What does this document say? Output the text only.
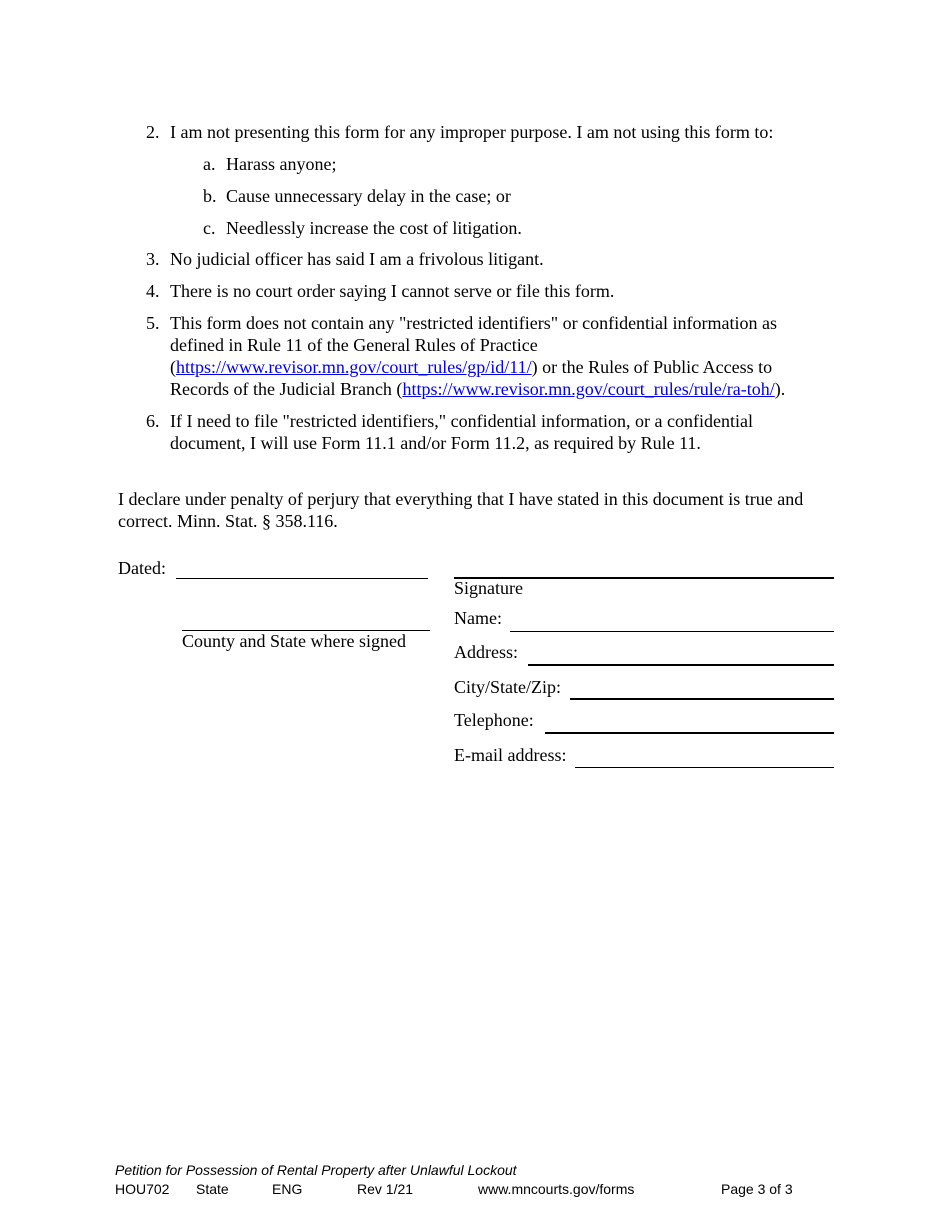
2. I am not presenting this form for any improper purpose. I am not using this form to:
a. Harass anyone;
b. Cause unnecessary delay in the case; or
c. Needlessly increase the cost of litigation.
3. No judicial officer has said I am a frivolous litigant.
4. There is no court order saying I cannot serve or file this form.
5. This form does not contain any "restricted identifiers" or confidential information as defined in Rule 11 of the General Rules of Practice (https://www.revisor.mn.gov/court_rules/gp/id/11/) or the Rules of Public Access to Records of the Judicial Branch (https://www.revisor.mn.gov/court_rules/rule/ra-toh/).
6. If I need to file "restricted identifiers," confidential information, or a confidential document, I will use Form 11.1 and/or Form 11.2, as required by Rule 11.
I declare under penalty of perjury that everything that I have stated in this document is true and correct. Minn. Stat. § 358.116.
Dated:
County and State where signed
Signature
Name:
Address:
City/State/Zip:
Telephone:
E-mail address:
Petition for Possession of Rental Property after Unlawful Lockout
HOU702 State	ENG	Rev 1/21	www.mncourts.gov/forms	Page 3 of 3
